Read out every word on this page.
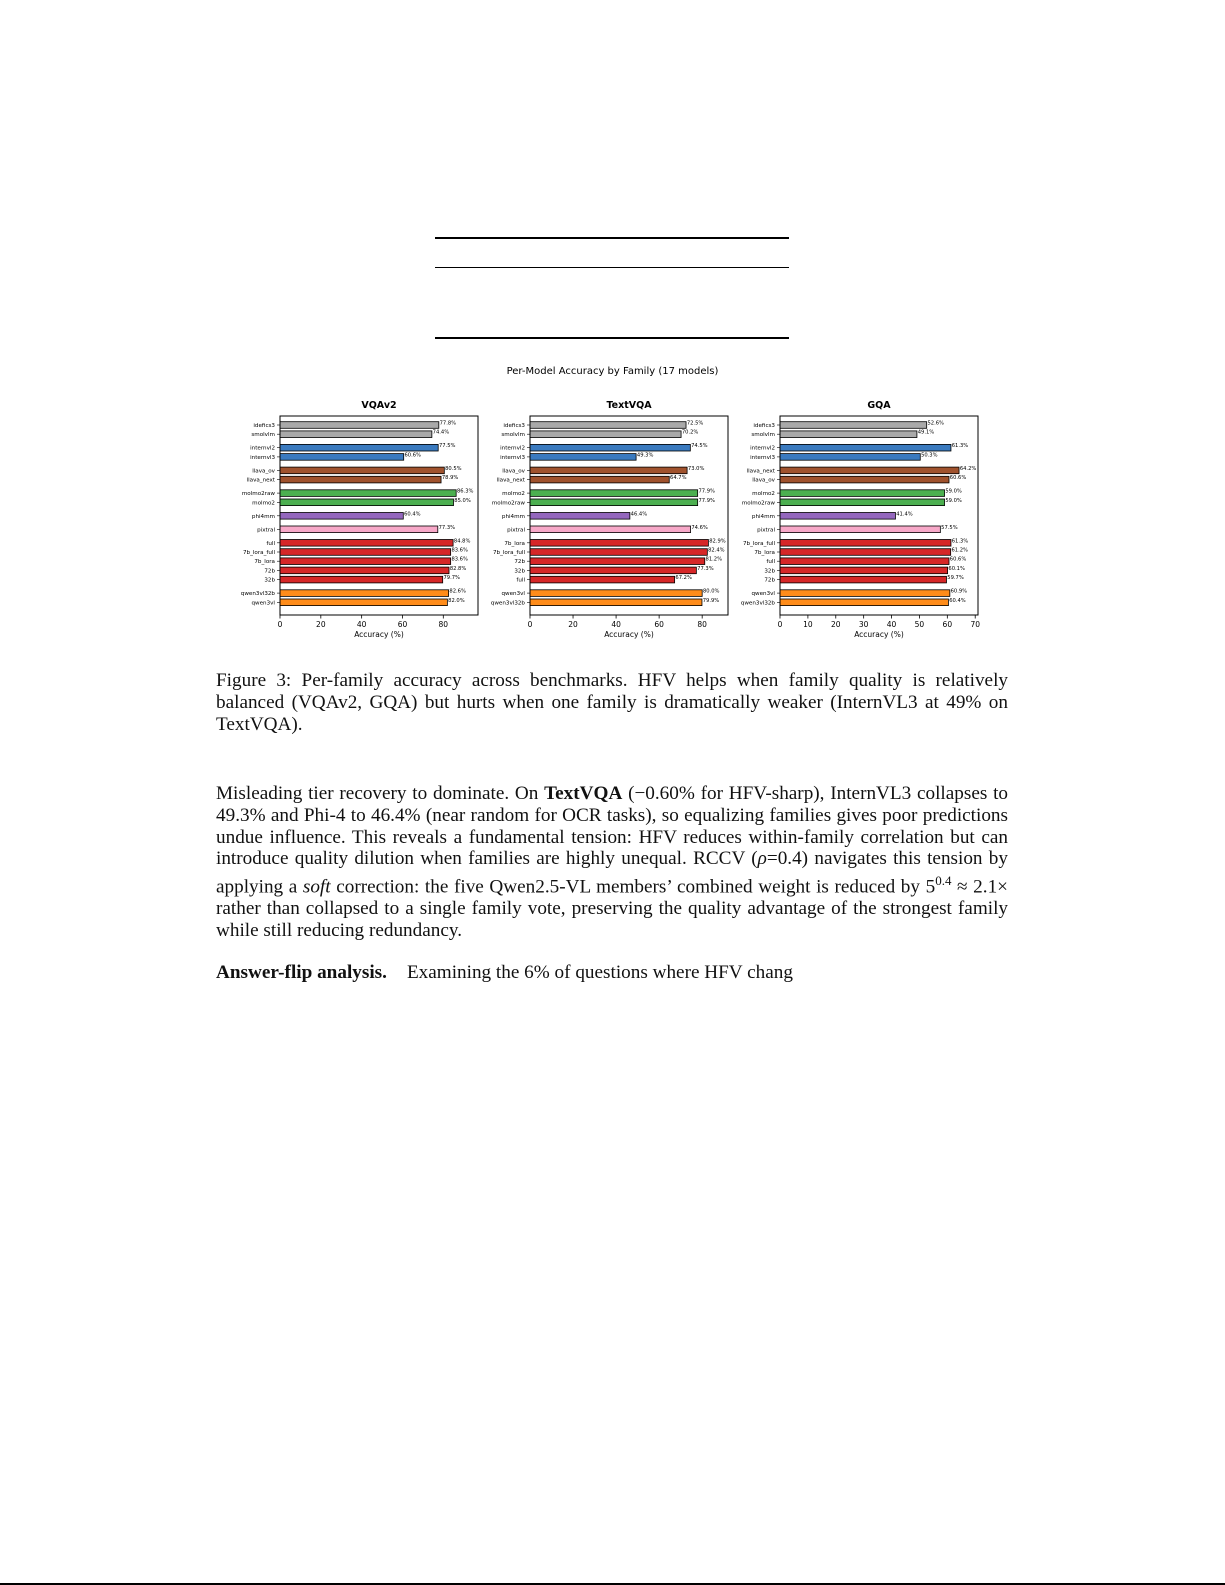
Per-Model Accuracy by Family (17 models)
VQAv2
idefics3	77.8%
smolvlm	74.4%
internvl2	77.5%
internvl3	60.6%
llava_ov	80.5%
llava_next	78.9%
molmo2raw	86.3%
molmo2	85.0%
phi4mm	60.4%
pixtral	77.3%
full	84.8%
7b_lora_full	83.6%
7b_lora	83.6%
72b	82.8%
32b	79.7%
qwen3vl32b	82.6%
qwen3vl	82.0%
0	20	40	60	80
Accuracy (%)
TextVQA
idefics3	72.5%
smolvlm	70.2%
internvl2	74.5%
internvl3	49.3%
llava_ov	73.0%
llava_next	64.7%
molmo2	77.9%
molmo2raw	77.9%
phi4mm	46.4%
pixtral	74.6%
7b_lora	82.9%
7b_lora_full	82.4%
72b	81.2%
32b	77.3%
full	67.2%
qwen3vl	80.0%
qwen3vl32b	79.9%
0	20	40	60	80
Accuracy (%)
GQA
idefics3	52.6%
smolvlm	49.1%
internvl2	61.3%
internvl3	50.3%
llava_next	64.2%
llava_ov	60.6%
molmo2	59.0%
molmo2raw	59.0%
phi4mm	41.4%
pixtral	57.5%
7b_lora_full	61.3%
7b_lora	61.2%
full	60.6%
32b	60.1%
72b	59.7%
qwen3vl	60.9%
qwen3vl32b	60.4%
0	10 20 30 40 50 60 70
Accuracy (%)
Figure 3: Per-family accuracy across benchmarks. HFV helps when family quality is relatively balanced (VQAv2, GQA) but hurts when one family is dramatically weaker (InternVL3 at 49% on TextVQA).
Misleading tier recovery to dominate. On TextVQA (−0.60% for HFV-sharp), InternVL3 collapses to 49.3% and Phi-4 to 46.4% (near random for OCR tasks), so equalizing families gives poor predictions undue influence. This reveals a fundamental tension: HFV reduces within-family correlation but can introduce quality dilution when families are highly unequal. RCCV (ρ=0.4) navigates this tension by applying a soft correction: the five Qwen2.5-VL members’ combined weight is reduced by $5^{0.4} \approx 2.1\times$ rather than collapsed to a single family vote, preserving the quality advantage of the strongest family while still reducing redundancy.
Answer-flip analysis. Examining the 6% of questions where HFV chang
